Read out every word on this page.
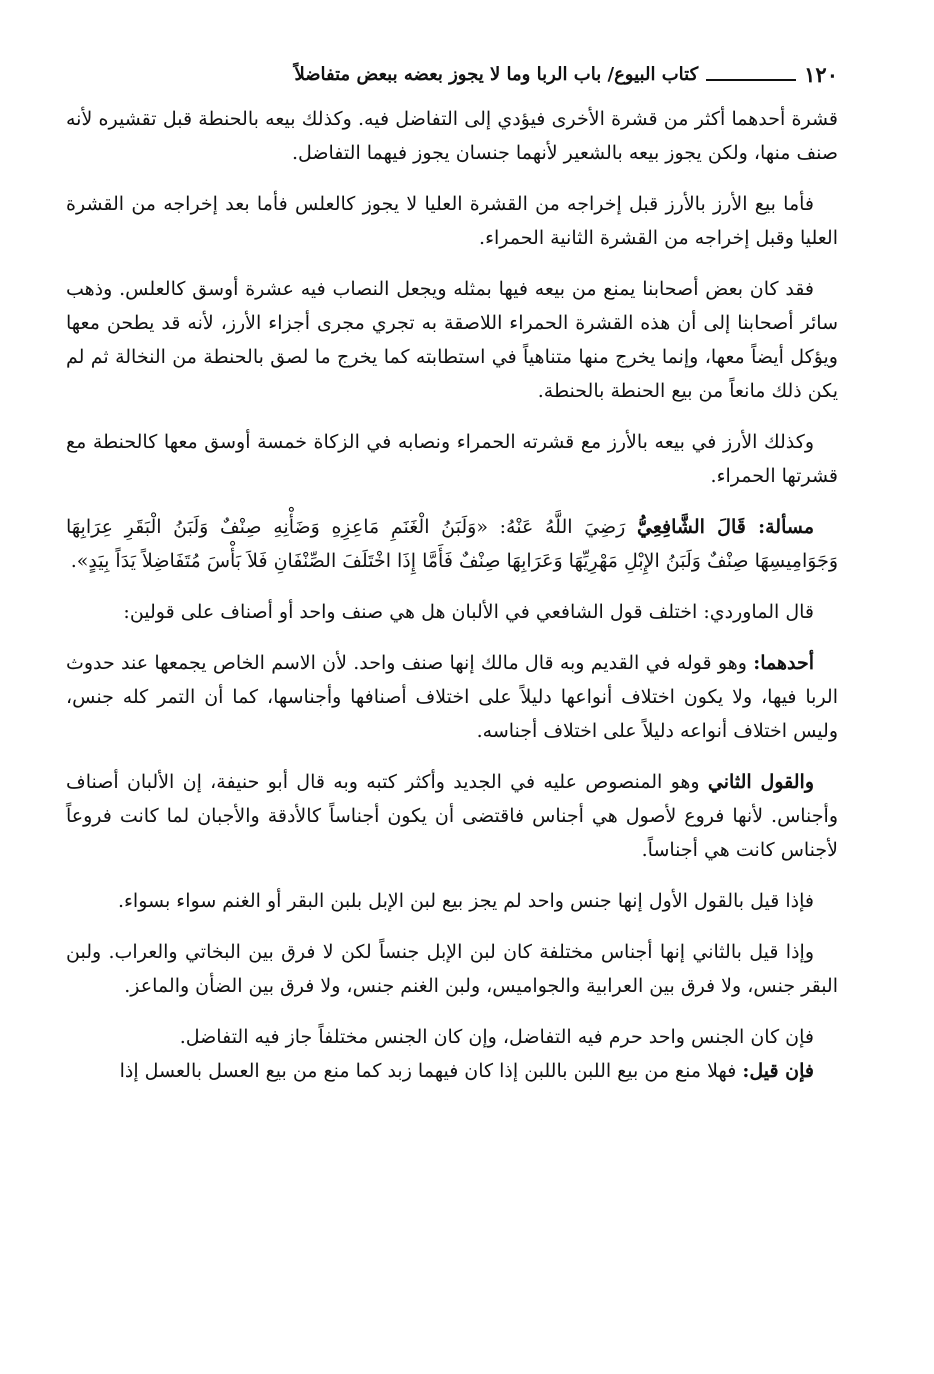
١٢٠
كتاب البيوع/ باب الربا وما لا يجوز بعضه ببعض متفاضلاً

قشرة أحدهما أكثر من قشرة الأخرى فيؤدي إلى التفاضل فيه. وكذلك بيعه بالحنطة قبل تقشيره لأنه صنف منها، ولكن يجوز بيعه بالشعير لأنهما جنسان يجوز فيهما التفاضل.

فأما بيع الأرز بالأرز قبل إخراجه من القشرة العليا لا يجوز كالعلس فأما بعد إخراجه من القشرة العليا وقبل إخراجه من القشرة الثانية الحمراء.

فقد كان بعض أصحابنا يمنع من بيعه فيها بمثله ويجعل النصاب فيه عشرة أوسق كالعلس. وذهب سائر أصحابنا إلى أن هذه القشرة الحمراء اللاصقة به تجري مجرى أجزاء الأرز، لأنه قد يطحن معها ويؤكل أيضاً معها، وإنما يخرج منها متناهياً في استطابته كما يخرج ما لصق بالحنطة من النخالة ثم لم يكن ذلك مانعاً من بيع الحنطة بالحنطة.

وكذلك الأرز في بيعه بالأرز مع قشرته الحمراء ونصابه في الزكاة خمسة أوسق معها كالحنطة مع قشرتها الحمراء.

مسألة: قَالَ الشَّافِعِيُّ رَضِيَ اللَّهُ عَنْهُ: «وَلَبَنُ الْغَنَمِ مَاعِزِهِ وَضَأْنِهِ صِنْفٌ وَلَبَنُ الْبَقَرِ عِرَابِهَا وَجَوَامِيسِهَا صِنْفٌ وَلَبَنُ الإِبْلِ مَهْرِيِّهَا وَعَرَابِهَا صِنْفٌ فَأَمَّا إِذَا اخْتَلَفَ الصِّنْفَانِ فَلاَ بَأْسَ مُتَفَاضِلاً يَدَاً بِيَدٍ».

قال الماوردي: اختلف قول الشافعي في الألبان هل هي صنف واحد أو أصناف على قولين:

أحدهما: وهو قوله في القديم وبه قال مالك إنها صنف واحد. لأن الاسم الخاص يجمعها عند حدوث الربا فيها، ولا يكون اختلاف أنواعها دليلاً على اختلاف أصنافها وأجناسها، كما أن التمر كله جنس، وليس اختلاف أنواعه دليلاً على اختلاف أجناسه.

والقول الثاني وهو المنصوص عليه في الجديد وأكثر كتبه وبه قال أبو حنيفة، إن الألبان أصناف وأجناس. لأنها فروع لأصول هي أجناس فاقتضى أن يكون أجناساً كالأدقة والأجبان لما كانت فروعاً لأجناس كانت هي أجناساً.

فإذا قيل بالقول الأول إنها جنس واحد لم يجز بيع لبن الإبل بلبن البقر أو الغنم سواء بسواء.

وإذا قيل بالثاني إنها أجناس مختلفة كان لبن الإبل جنساً لكن لا فرق بين البخاتي والعراب. ولبن البقر جنس، ولا فرق بين العرابية والجواميس، ولبن الغنم جنس، ولا فرق بين الضأن والماعز.

فإن كان الجنس واحد حرم فيه التفاضل، وإن كان الجنس مختلفاً جاز فيه التفاضل.

فإن قيل: فهلا منع من بيع اللبن باللبن إذا كان فيهما زبد كما منع من بيع العسل بالعسل إذا
